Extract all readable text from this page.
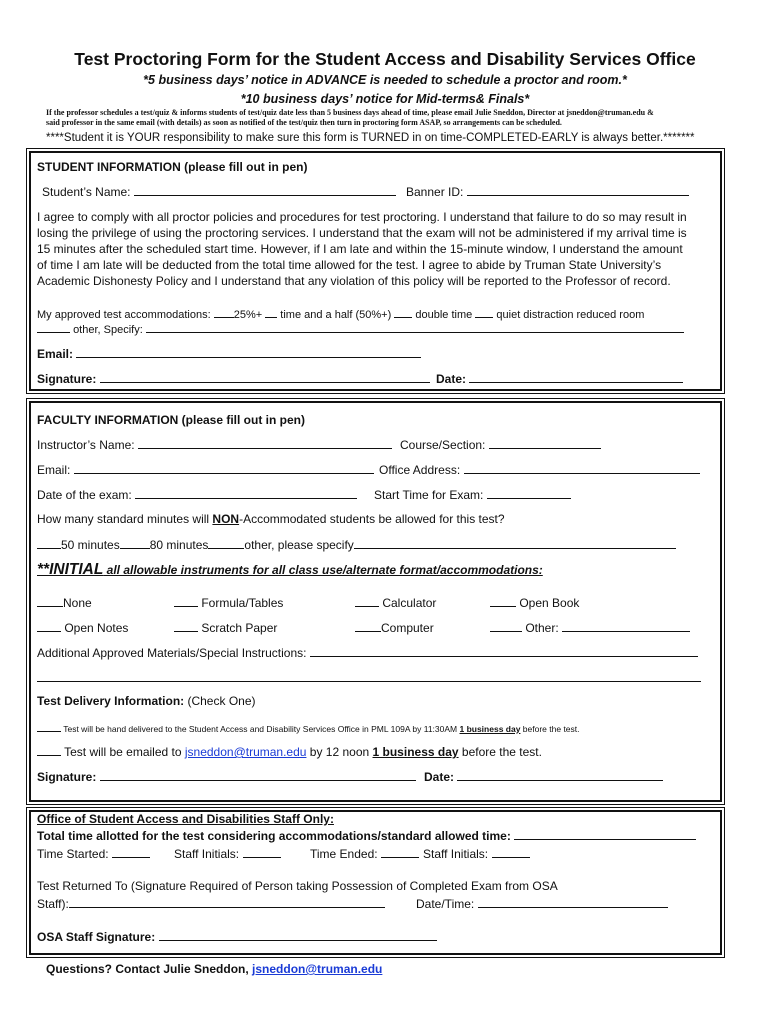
Test Proctoring Form for the Student Access and Disability Services Office
*5 business days’ notice in ADVANCE is needed to schedule a proctor and room.*
*10 business days’ notice for Mid-terms& Finals*
If the professor schedules a test/quiz & informs students of test/quiz date less than 5 business days ahead of time, please email Julie Sneddon, Director at jsneddon@truman.edu &
said professor in the same email (with details) as soon as notified of the test/quiz then turn in proctoring form ASAP, so arrangements can be scheduled.
****Student it is YOUR responsibility to make sure this form is TURNED in on time-COMPLETED-EARLY is always better.*******
STUDENT INFORMATION (please fill out in pen)
Student’s Name:	Banner ID:
I agree to comply with all proctor policies and procedures for test proctoring. I understand that failure to do so may result in
losing the privilege of using the proctoring services. I understand that the exam will not be administered if my arrival time is
15 minutes after the scheduled start time. However, if I am late and within the 15-minute window, I understand the amount
of time I am late will be deducted from the total time allowed for the test. I agree to abide by Truman State University’s
Academic Dishonesty Policy and I understand that any violation of this policy will be reported to the Professor of record.
My approved test accommodations: 25%+ time and a half (50%+) double time quiet distraction reduced room
other, Specify:
Email:
Signature:	Date:
FACULTY INFORMATION (please fill out in pen)
Instructor’s Name:	Course/Section:
Email:	Office Address:
Date of the exam:	Start Time for Exam:
How many standard minutes will NON-Accommodated students be allowed for this test?
50 minutes	80 minutes	other, please specify
**INITIAL all allowable instruments for all class use/alternate format/accommodations:
None	Formula/Tables	Calculator	Open Book
Open Notes	Scratch Paper	Computer	Other:
Additional Approved Materials/Special Instructions:
Test Delivery Information: (Check One)
Test will be hand delivered to the Student Access and Disability Services Office in PML 109A by 11:30AM 1 business day before the test.
Test will be emailed to jsneddon@truman.edu by 12 noon 1 business day before the test.
Signature:	Date:
Office of Student Access and Disabilities Staff Only:
Total time allotted for the test considering accommodations/standard allowed time:
Time Started:	Staff Initials:	Time Ended:	Staff Initials:
Test Returned To (Signature Required of Person taking Possession of Completed Exam from OSA
Staff):	Date/Time:
OSA Staff Signature:
Questions? Contact Julie Sneddon, jsneddon@truman.edu
